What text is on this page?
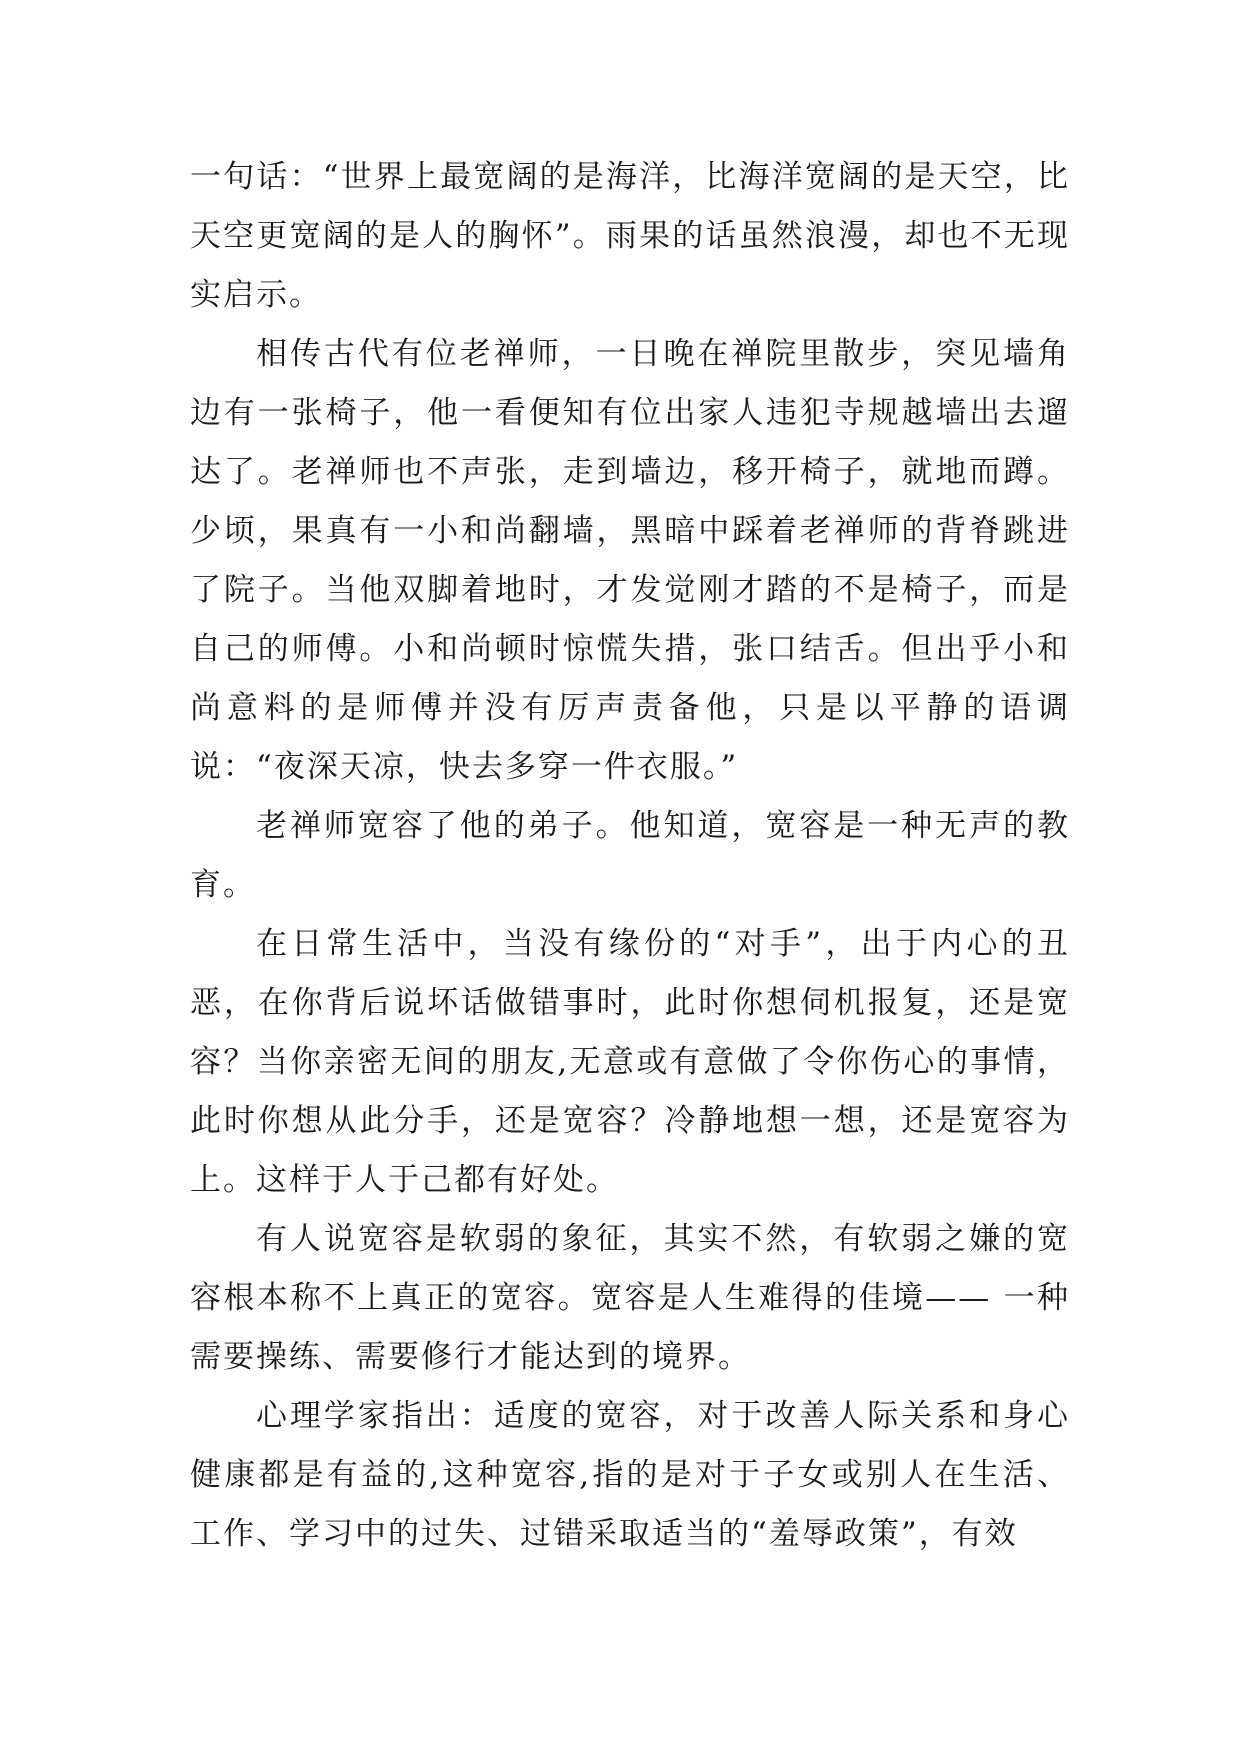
一句话：“世界上最宽阔的是海洋，比海洋宽阔的是天空，比天空更宽阔的是人的胸怀”。雨果的话虽然浪漫，却也不无现实启示。

相传古代有位老禅师，一日晚在禅院里散步，突见墙角边有一张椅子，他一看便知有位出家人违犯寺规越墙出去遛达了。老禅师也不声张，走到墙边，移开椅子，就地而蹲。少顷，果真有一小和尚翻墙，黑暗中踩着老禅师的背脊跳进了院子。当他双脚着地时，才发觉刚才踏的不是椅子，而是自己的师傅。小和尚顿时惊慌失措，张口结舌。但出乎小和尚意料的是师傅并没有厉声责备他，只是以平静的语调说：“夜深天凉，快去多穿一件衣服。”

老禅师宽容了他的弟子。他知道，宽容是一种无声的教育。

在日常生活中，当没有缘份的“对手”，出于内心的丑恶，在你背后说坏话做错事时，此时你想伺机报复，还是宽容？当你亲密无间的朋友,无意或有意做了令你伤心的事情，此时你想从此分手，还是宽容？冷静地想一想，还是宽容为上。这样于人于己都有好处。

有人说宽容是软弱的象征，其实不然，有软弱之嫌的宽容根本称不上真正的宽容。宽容是人生难得的佳境—— 一种需要操练、需要修行才能达到的境界。

心理学家指出：适度的宽容，对于改善人际关系和身心健康都是有益的,这种宽容,指的是对于子女或别人在生活、工作、学习中的过失、过错采取适当的“羞辱政策”，有效
